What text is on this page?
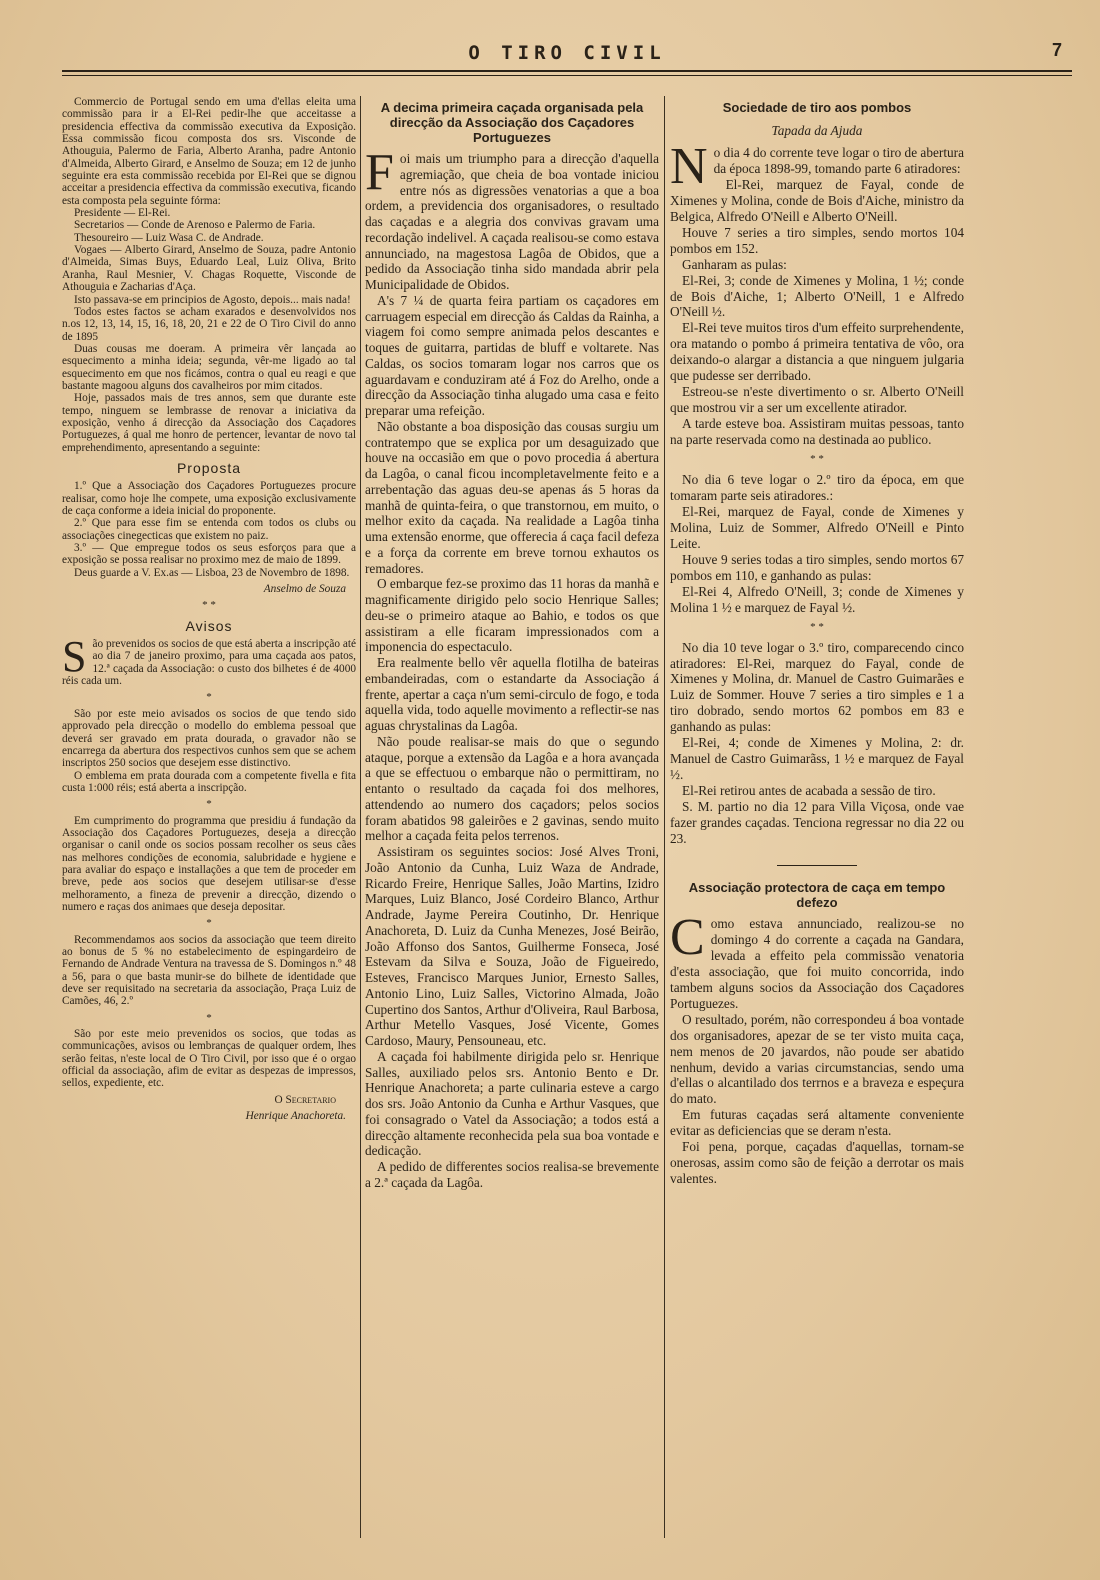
O TIRO CIVIL	7

Commercio de Portugal sendo em uma d'ellas eleita uma commissão para ir a El-Rei pedir-lhe que acceitasse a presidencia effectiva da commissão executiva da Exposição. Essa commissão ficou composta dos srs. Visconde de Athouguia, Palermo de Faria, Alberto Aranha, padre Antonio d'Almeida, Alberto Girard, e Anselmo de Souza; em 12 de junho seguinte era esta commissão recebida por El-Rei que se dignou acceitar a presidencia effectiva da commissão executiva, ficando esta composta pela seguinte fórma:

Presidente — El-Rei.

Secretarios — Conde de Arenoso e Palermo de Faria.

Thesoureiro — Luiz Wasa C. de Andrade.

Vogaes — Alberto Girard, Anselmo de Souza, padre Antonio d'Almeida, Simas Buys, Eduardo Leal, Luiz Oliva, Brito Aranha, Raul Mesnier, V. Chagas Roquette, Visconde de Athouguia e Zacharias d'Aça.

Isto passava-se em principios de Agosto, depois... mais nada!

Todos estes factos se acham exarados e desenvolvidos nos n.os 12, 13, 14, 15, 16, 18, 20, 21 e 22 de O Tiro Civil do anno de 1895

Duas cousas me doeram. A primeira vêr lançada ao esquecimento a minha ideia; segunda, vêr-me ligado ao tal esquecimento em que nos ficámos, contra o qual eu reagi e que bastante magoou alguns dos cavalheiros por mim citados.

Hoje, passados mais de tres annos, sem que durante este tempo, ninguem se lembrasse de renovar a iniciativa da exposição, venho á direcção da Associação dos Caçadores Portuguezes, á qual me honro de pertencer, levantar de novo tal emprehendimento, apresentando a seguinte:

Proposta

1.º Que a Associação dos Caçadores Portuguezes procure realisar, como hoje lhe compete, uma exposição exclusivamente de caça conforme a ideia inicial do proponente.

2.º Que para esse fim se entenda com todos os clubs ou associações cinegecticas que existem no paiz.

3.º — Que empregue todos os seus esforços para que a exposição se possa realisar no proximo mez de maio de 1899.

Deus guarde a V. Ex.as — Lisboa, 23 de Novembro de 1898.

Anselmo de Souza
* *
Avisos

São prevenidos os socios de que está aberta a inscripção até ao dia 7 de janeiro proximo, para uma caçada aos patos, 12.ª caçada da Associação: o custo dos bilhetes é de 4000 réis cada um.

*

São por este meio avisados os socios de que tendo sido approvado pela direcção o modello do emblema pessoal que deverá ser gravado em prata dourada, o gravador não se encarrega da abertura dos respectivos cunhos sem que se achem inscriptos 250 socios que desejem esse distinctivo.

O emblema em prata dourada com a competente fivella e fita custa 1:000 réis; está aberta a inscripção.

*

Em cumprimento do programma que presidiu á fundação da Associação dos Caçadores Portuguezes, deseja a direcção organisar o canil onde os socios possam recolher os seus cães nas melhores condições de economia, salubridade e hygiene e para avaliar do espaço e installações a que tem de proceder em breve, pede aos socios que desejem utilisar-se d'esse melhoramento, a fineza de prevenir a direcção, dizendo o numero e raças dos animaes que deseja depositar.

*

Recommendamos aos socios da associação que teem direito ao bonus de 5 % no estabelecimento de espingardeiro de Fernando de Andrade Ventura na travessa de S. Domingos n.º 48 a 56, para o que basta munir-se do bilhete de identidade que deve ser requisitado na secretaria da associação, Praça Luiz de Camões, 46, 2.º

*

São por este meio prevenidos os socios, que todas as communicações, avisos ou lembranças de qualquer ordem, lhes serão feitas, n'este local de O Tiro Civil, por isso que é o orgao official da associação, afim de evitar as despezas de impressos, sellos, expediente, etc.

O Secretario
Henrique Anachoreta.
A decima primeira caçada organisada pela direcção da Associação dos Caçadores Portuguezes

Foi mais um triumpho para a direcção d'aquella agremiação, que cheia de boa vontade iniciou entre nós as digressões venatorias a que a boa ordem, a previdencia dos organisadores, o resultado das caçadas e a alegria dos convivas gravam uma recordação indelivel. A caçada realisou-se como estava annunciado, na magestosa Lagôa de Obidos, que a pedido da Associação tinha sido mandada abrir pela Municipalidade de Obidos.

A's 7 ¼ de quarta feira partiam os caçadores em carruagem especial em direcção ás Caldas da Rainha, a viagem foi como sempre animada pelos descantes e toques de guitarra, partidas de bluff e voltarete. Nas Caldas, os socios tomaram logar nos carros que os aguardavam e conduziram até á Foz do Arelho, onde a direcção da Associação tinha alugado uma casa e feito preparar uma refeição.

Não obstante a boa disposição das cousas surgiu um contratempo que se explica por um desaguizado que houve na occasião em que o povo procedia á abertura da Lagôa, o canal ficou incompletavelmente feito e a arrebentação das aguas deu-se apenas ás 5 horas da manhã de quinta-feira, o que transtornou, em muito, o melhor exito da caçada. Na realidade a Lagôa tinha uma extensão enorme, que offerecia á caça facil defeza e a força da corrente em breve tornou exhautos os remadores.

O embarque fez-se proximo das 11 horas da manhã e magnificamente dirigido pelo socio Henrique Salles; deu-se o primeiro ataque ao Bahio, e todos os que assistiram a elle ficaram impressionados com a imponencia do espectaculo.

Era realmente bello vêr aquella flotilha de bateiras embandeiradas, com o estandarte da Associação á frente, apertar a caça n'um semi-circulo de fogo, e toda aquella vida, todo aquelle movimento a reflectir-se nas aguas chrystalinas da Lagôa.

Não poude realisar-se mais do que o segundo ataque, porque a extensão da Lagôa e a hora avançada a que se effectuou o embarque não o permittiram, no entanto o resultado da caçada foi dos melhores, attendendo ao numero dos caçadors; pelos socios foram abatidos 98 galeirões e 2 gavinas, sendo muito melhor a caçada feita pelos terrenos.

Assistiram os seguintes socios: José Alves Troni, João Antonio da Cunha, Luiz Waza de Andrade, Ricardo Freire, Henrique Salles, João Martins, Izidro Marques, Luiz Blanco, José Cordeiro Blanco, Arthur Andrade, Jayme Pereira Coutinho, Dr. Henrique Anachoreta, D. Luiz da Cunha Menezes, José Beirão, João Affonso dos Santos, Guilherme Fonseca, José Estevam da Silva e Souza, João de Figueiredo, Esteves, Francisco Marques Junior, Ernesto Salles, Antonio Lino, Luiz Salles, Victorino Almada, João Cupertino dos Santos, Arthur d'Oliveira, Raul Barbosa, Arthur Metello Vasques, José Vicente, Gomes Cardoso, Maury, Pensouneau, etc.

A caçada foi habilmente dirigida pelo sr. Henrique Salles, auxiliado pelos srs. Antonio Bento e Dr. Henrique Anachoreta; a parte culinaria esteve a cargo dos srs. João Antonio da Cunha e Arthur Vasques, que foi consagrado o Vatel da Associação; a todos está a direcção altamente reconhecida pela sua boa vontade e dedicação.

A pedido de differentes socios realisa-se brevemente a 2.ª caçada da Lagôa.

Sociedade de tiro aos pombos
Tapada da Ajuda

No dia 4 do corrente teve logar o tiro de abertura da época 1898-99, tomando parte 6 atiradores:

El-Rei, marquez de Fayal, conde de Ximenes y Molina, conde de Bois d'Aiche, ministro da Belgica, Alfredo O'Neill e Alberto O'Neill.

Houve 7 series a tiro simples, sendo mortos 104 pombos em 152.

Ganharam as pulas:

El-Rei, 3; conde de Ximenes y Molina, 1 ½; conde de Bois d'Aiche, 1; Alberto O'Neill, 1 e Alfredo O'Neill ½.

El-Rei teve muitos tiros d'um effeito surprehendente, ora matando o pombo á primeira tentativa de vôo, ora deixando-o alargar a distancia a que ninguem julgaria que pudesse ser derribado.

Estreou-se n'este divertimento o sr. Alberto O'Neill que mostrou vir a ser um excellente atirador.

A tarde esteve boa. Assistiram muitas pessoas, tanto na parte reservada como na destinada ao publico.

* *

No dia 6 teve logar o 2.º tiro da época, em que tomaram parte seis atiradores.:

El-Rei, marquez de Fayal, conde de Ximenes y Molina, Luiz de Sommer, Alfredo O'Neill e Pinto Leite.

Houve 9 series todas a tiro simples, sendo mortos 67 pombos em 110, e ganhando as pulas:

El-Rei 4, Alfredo O'Neill, 3; conde de Ximenes y Molina 1 ½ e marquez de Fayal ½.

* *

No dia 10 teve logar o 3.º tiro, comparecendo cinco atiradores: El-Rei, marquez do Fayal, conde de Ximenes y Molina, dr. Manuel de Castro Guimarães e Luiz de Sommer. Houve 7 series a tiro simples e 1 a tiro dobrado, sendo mortos 62 pombos em 83 e ganhando as pulas:

El-Rei, 4; conde de Ximenes y Molina, 2: dr. Manuel de Castro Guimarãss, 1 ½ e marquez de Fayal ½.

El-Rei retirou antes de acabada a sessão de tiro.

S. M. partio no dia 12 para Villa Viçosa, onde vae fazer grandes caçadas. Tenciona regressar no dia 22 ou 23.

Associação protectora de caça em tempo defezo

Como estava annunciado, realizou-se no domingo 4 do corrente a caçada na Gandara, levada a effeito pela commissão venatoria d'esta associação, que foi muito concorrida, indo tambem alguns socios da Associação dos Caçadores Portuguezes.

O resultado, porém, não correspondeu á boa vontade dos organisadores, apezar de se ter visto muita caça, nem menos de 20 javardos, não poude ser abatido nenhum, devido a varias circumstancias, sendo uma d'ellas o alcantilado dos terrnos e a braveza e espeçura do mato.

Em futuras caçadas será altamente conveniente evitar as deficiencias que se deram n'esta.

Foi pena, porque, caçadas d'aquellas, tornam-se onerosas, assim como são de feição a derrotar os mais valentes.
